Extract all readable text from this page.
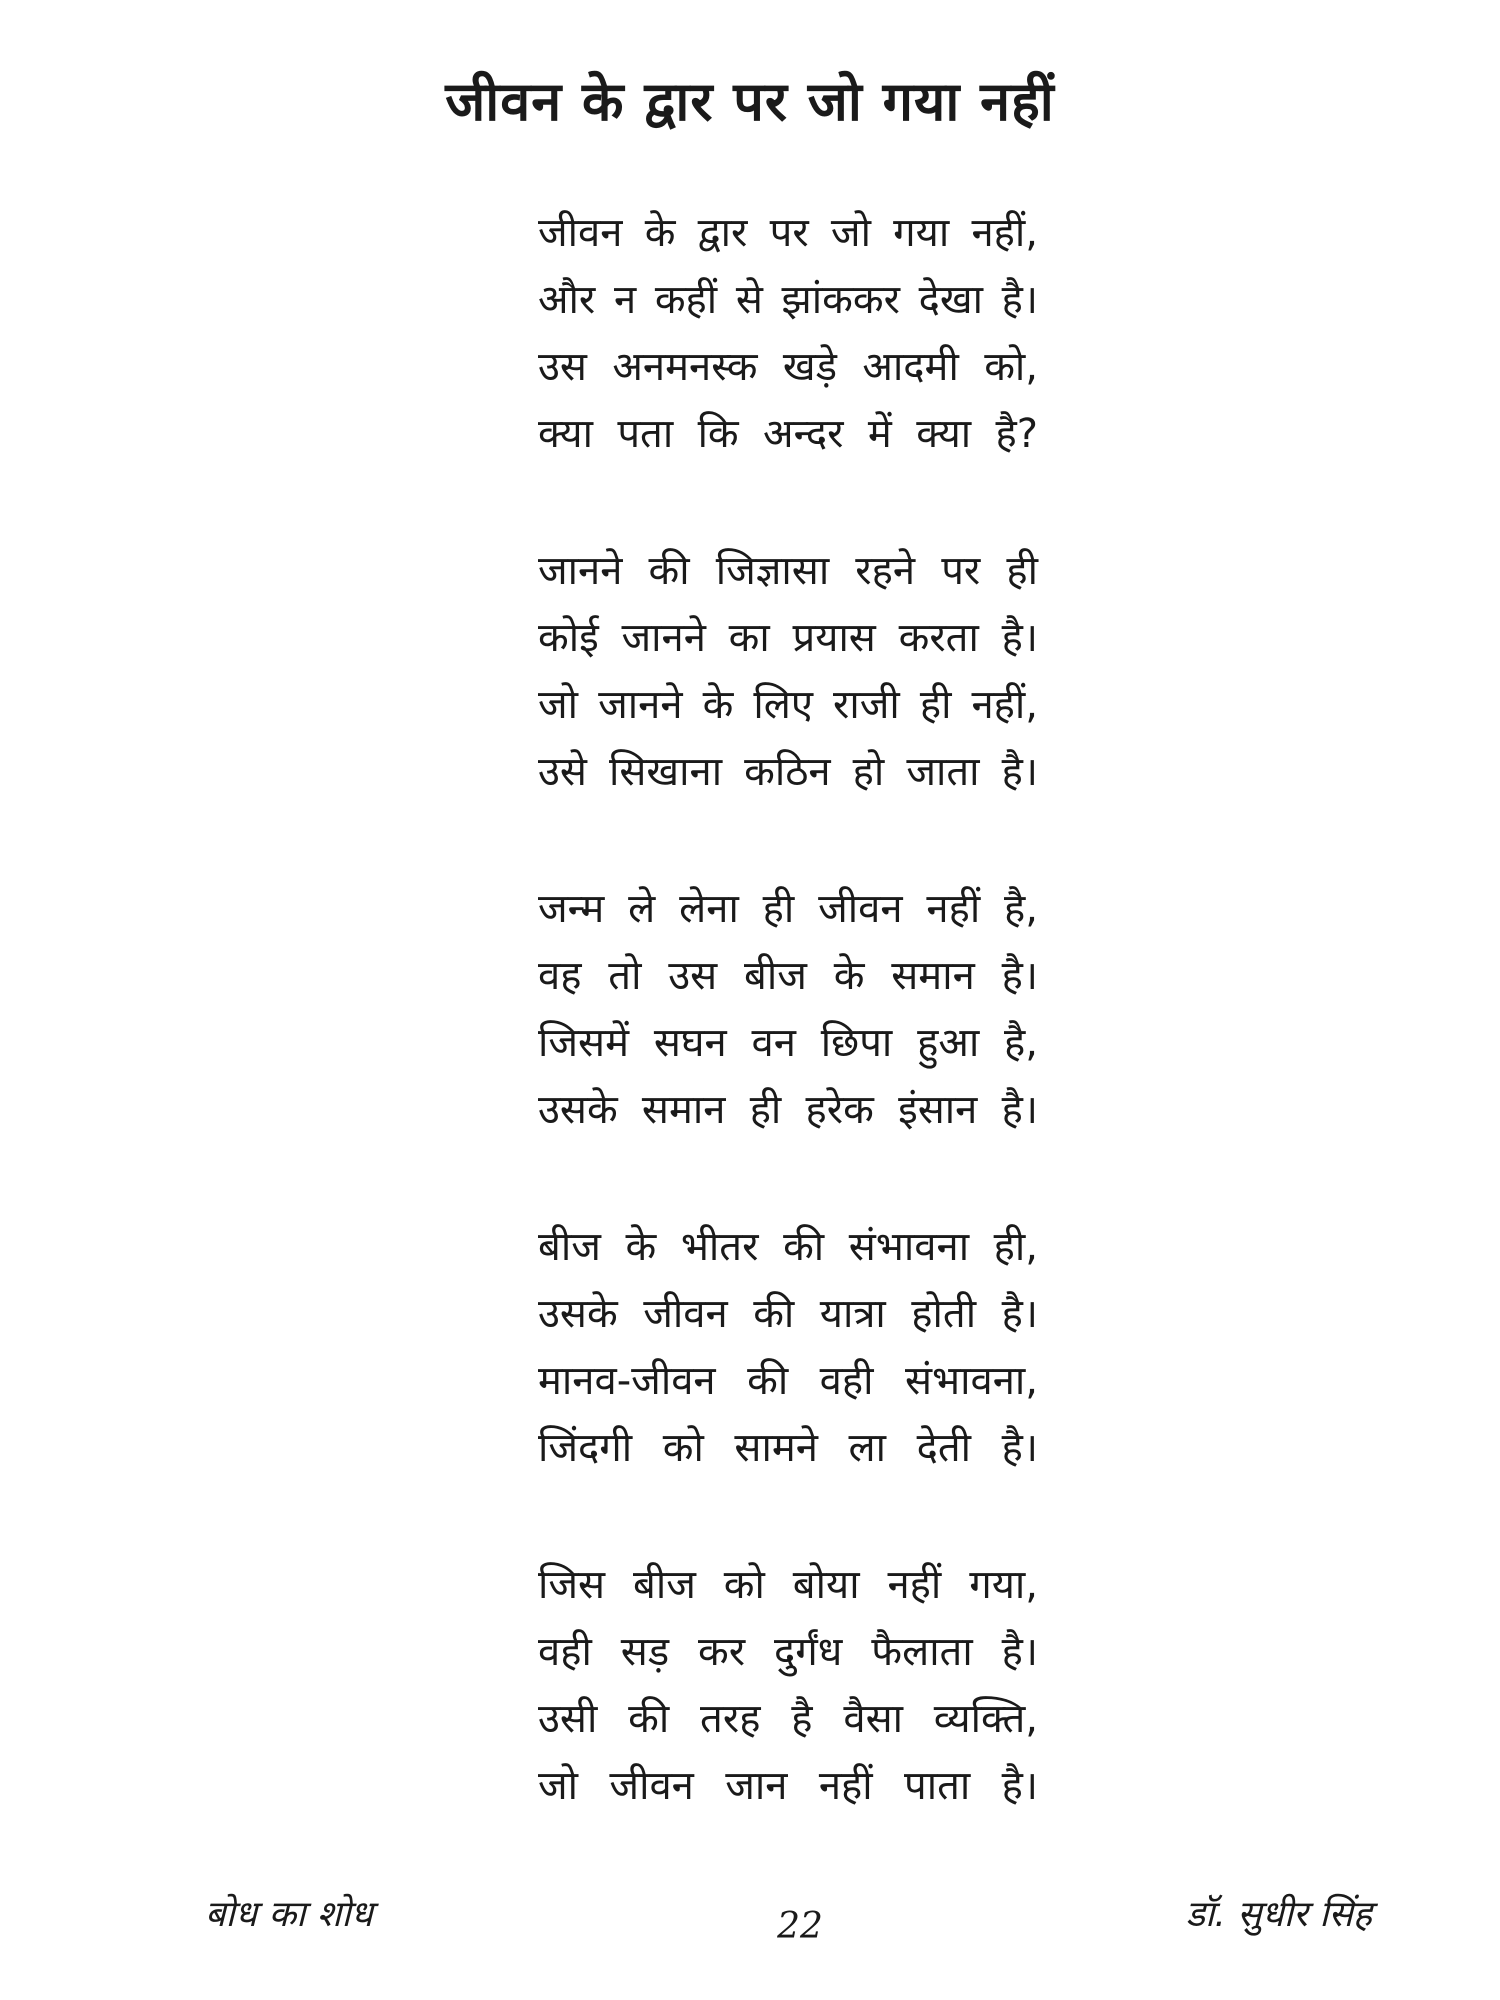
जीवन के द्वार पर जो गया नहीं
जीवन के द्वार पर जो गया नहीं,
और न कहीं से झांककर देखा है।
उस अनमनस्क खड़े आदमी को,
क्या पता कि अन्दर में क्या है?
जानने की जिज्ञासा रहने पर ही
कोई जानने का प्रयास करता है।
जो जानने के लिए राजी ही नहीं,
उसे सिखाना कठिन हो जाता है।
जन्म ले लेना ही जीवन नहीं है,
वह तो उस बीज के समान है।
जिसमें सघन वन छिपा हुआ है,
उसके समान ही हरेक इंसान है।
बीज के भीतर की संभावना ही,
उसके जीवन की यात्रा होती है।
मानव-जीवन की वही संभावना,
जिंदगी को सामने ला देती है।
जिस बीज को बोया नहीं गया,
वही सड़ कर दुर्गंध फैलाता है।
उसी की तरह है वैसा व्यक्ति,
जो जीवन जान नहीं पाता है।
बोध का शोध	22	डॉ. सुधीर सिंह
